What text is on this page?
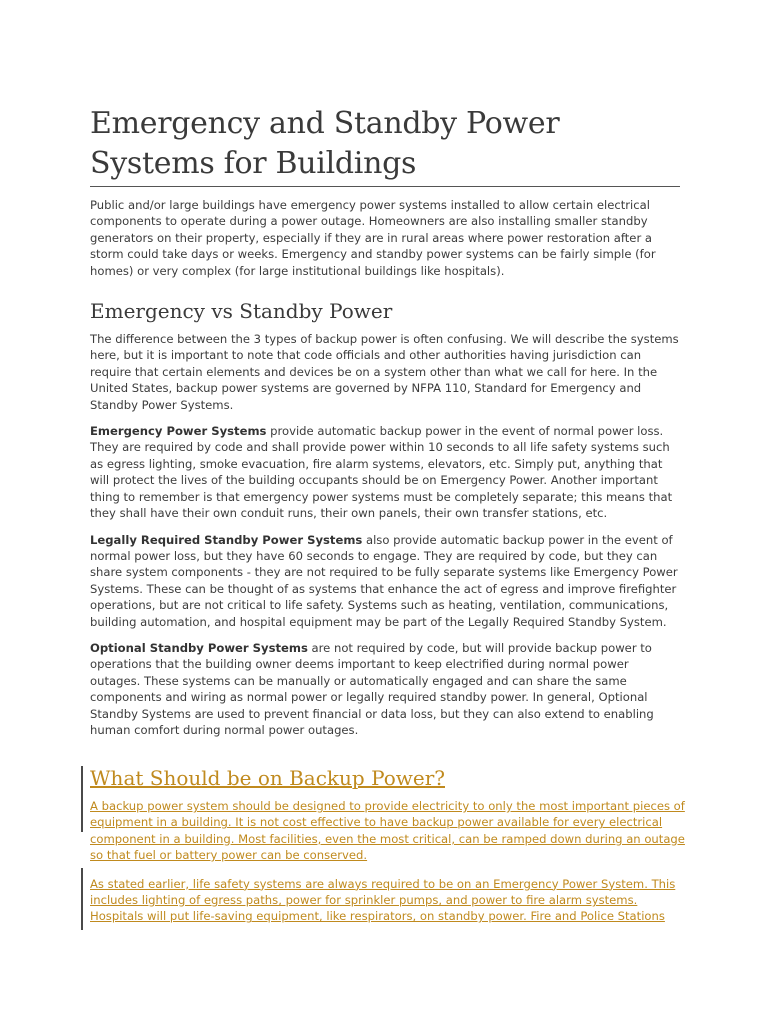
Emergency and Standby Power Systems for Buildings

Public and/or large buildings have emergency power systems installed to allow certain electrical components to operate during a power outage. Homeowners are also installing smaller standby generators on their property, especially if they are in rural areas where power restoration after a storm could take days or weeks. Emergency and standby power systems can be fairly simple (for homes) or very complex (for large institutional buildings like hospitals).

Emergency vs Standby Power

The difference between the 3 types of backup power is often confusing. We will describe the systems here, but it is important to note that code officials and other authorities having jurisdiction can require that certain elements and devices be on a system other than what we call for here. In the United States, backup power systems are governed by NFPA 110, Standard for Emergency and Standby Power Systems.

Emergency Power Systems provide automatic backup power in the event of normal power loss. They are required by code and shall provide power within 10 seconds to all life safety systems such as egress lighting, smoke evacuation, fire alarm systems, elevators, etc. Simply put, anything that will protect the lives of the building occupants should be on Emergency Power. Another important thing to remember is that emergency power systems must be completely separate; this means that they shall have their own conduit runs, their own panels, their own transfer stations, etc.

Legally Required Standby Power Systems also provide automatic backup power in the event of normal power loss, but they have 60 seconds to engage. They are required by code, but they can share system components - they are not required to be fully separate systems like Emergency Power Systems. These can be thought of as systems that enhance the act of egress and improve firefighter operations, but are not critical to life safety. Systems such as heating, ventilation, communications, building automation, and hospital equipment may be part of the Legally Required Standby System.

Optional Standby Power Systems are not required by code, but will provide backup power to operations that the building owner deems important to keep electrified during normal power outages. These systems can be manually or automatically engaged and can share the same components and wiring as normal power or legally required standby power. In general, Optional Standby Systems are used to prevent financial or data loss, but they can also extend to enabling human comfort during normal power outages.

What Should be on Backup Power?

A backup power system should be designed to provide electricity to only the most important pieces of equipment in a building. It is not cost effective to have backup power available for every electrical component in a building. Most facilities, even the most critical, can be ramped down during an outage so that fuel or battery power can be conserved.

As stated earlier, life safety systems are always required to be on an Emergency Power System. This includes lighting of egress paths, power for sprinkler pumps, and power to fire alarm systems. Hospitals will put life-saving equipment, like respirators, on standby power. Fire and Police Stations
